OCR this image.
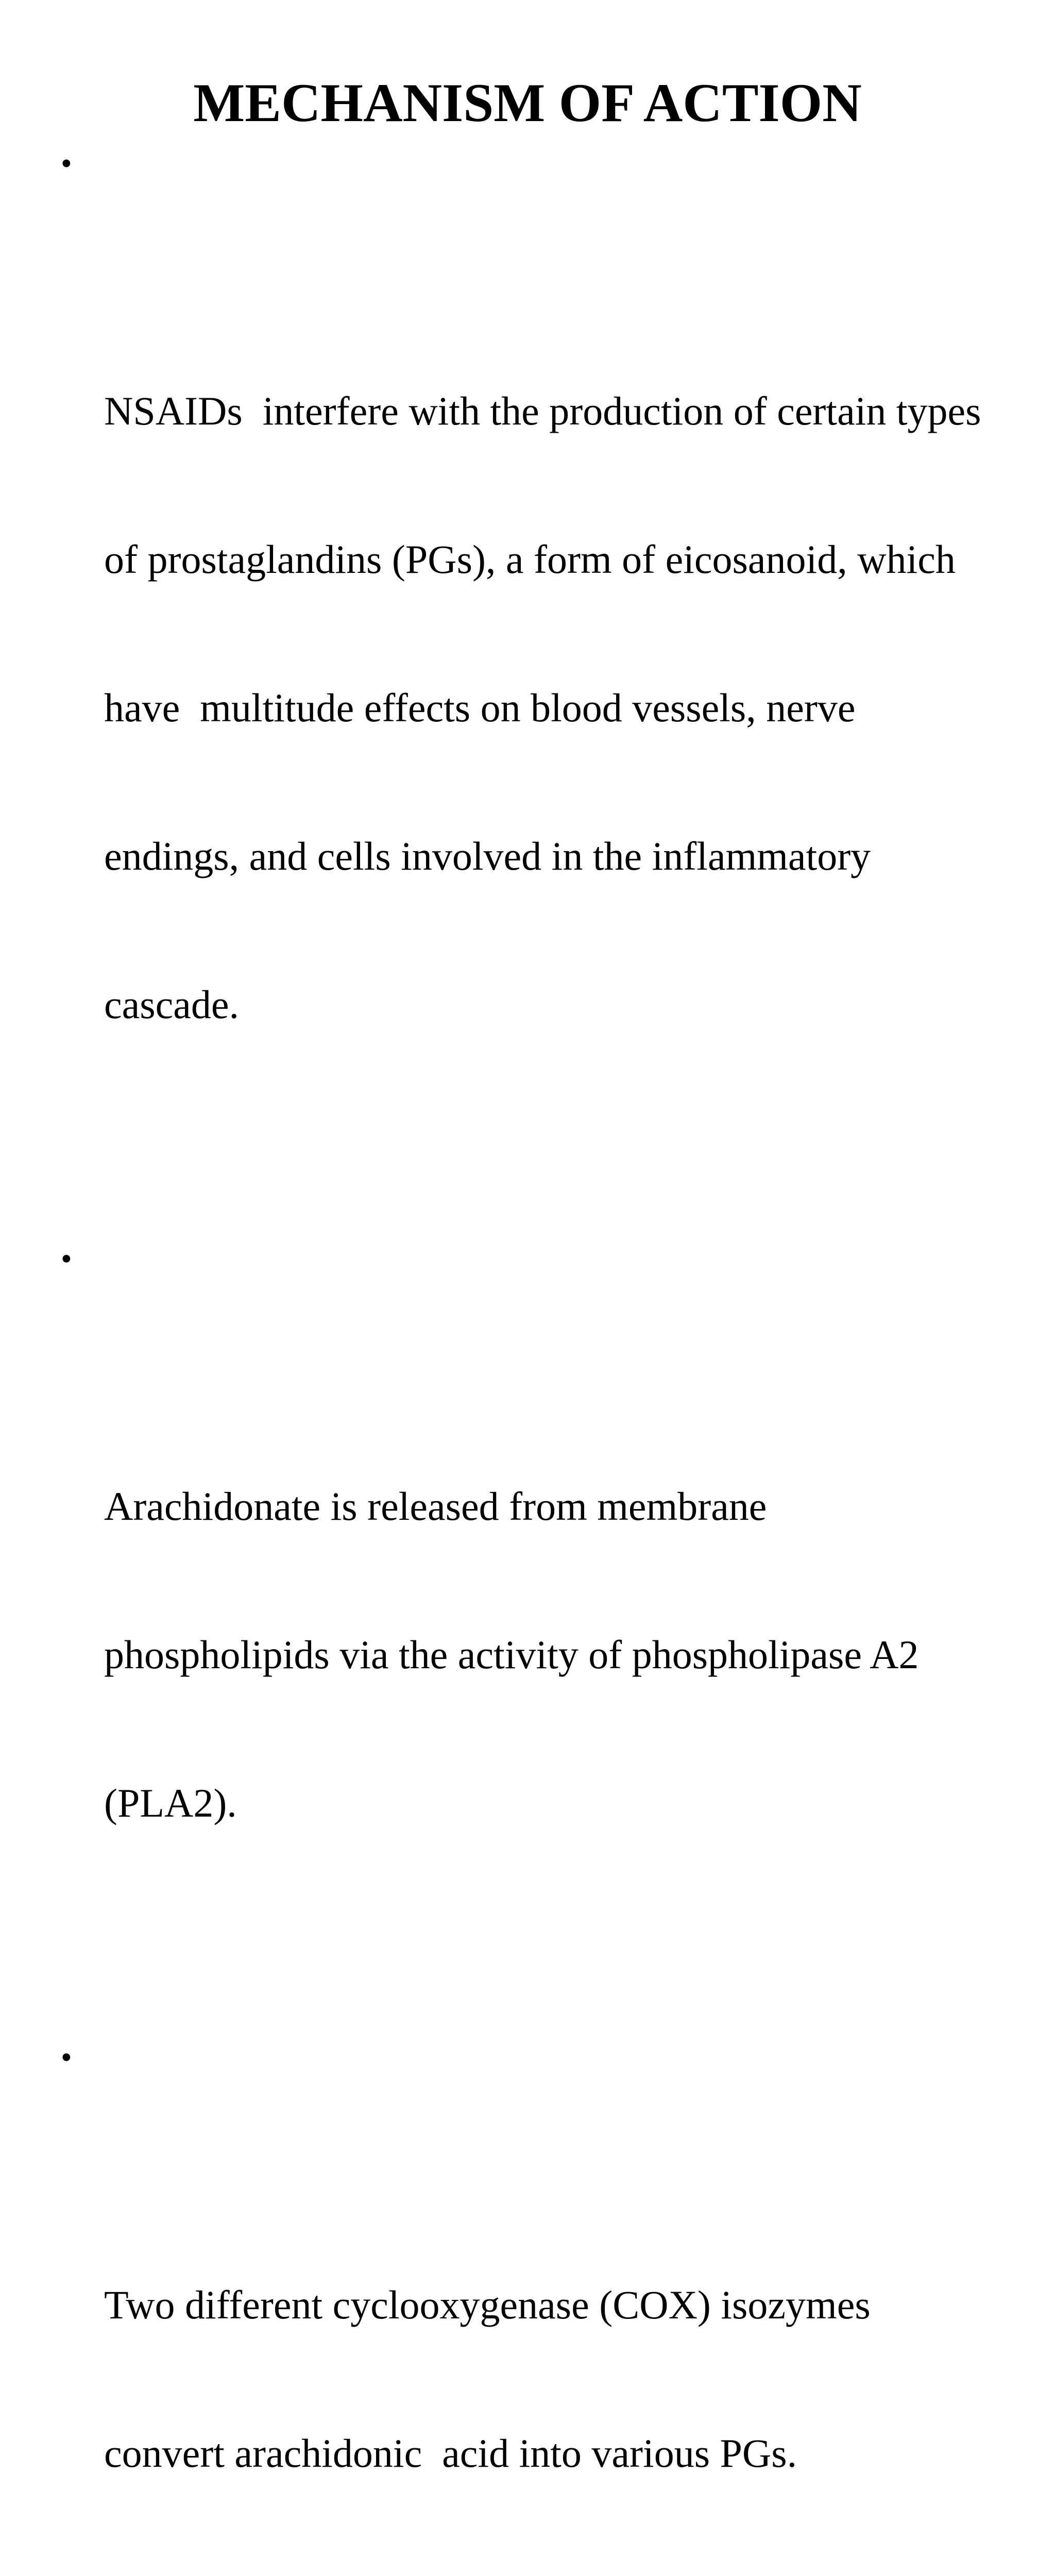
MECHANISM OF ACTION

•

NSAIDs  interfere with the production of certain types

of prostaglandins (PGs), a form of eicosanoid, which

have  multitude effects on blood vessels, nerve

endings, and cells involved in the inflammatory

cascade.

•

Arachidonate is released from membrane

phospholipids via the activity of phospholipase A2

(PLA2).

•

Two different cyclooxygenase (COX) isozymes

convert arachidonic  acid into various PGs.
